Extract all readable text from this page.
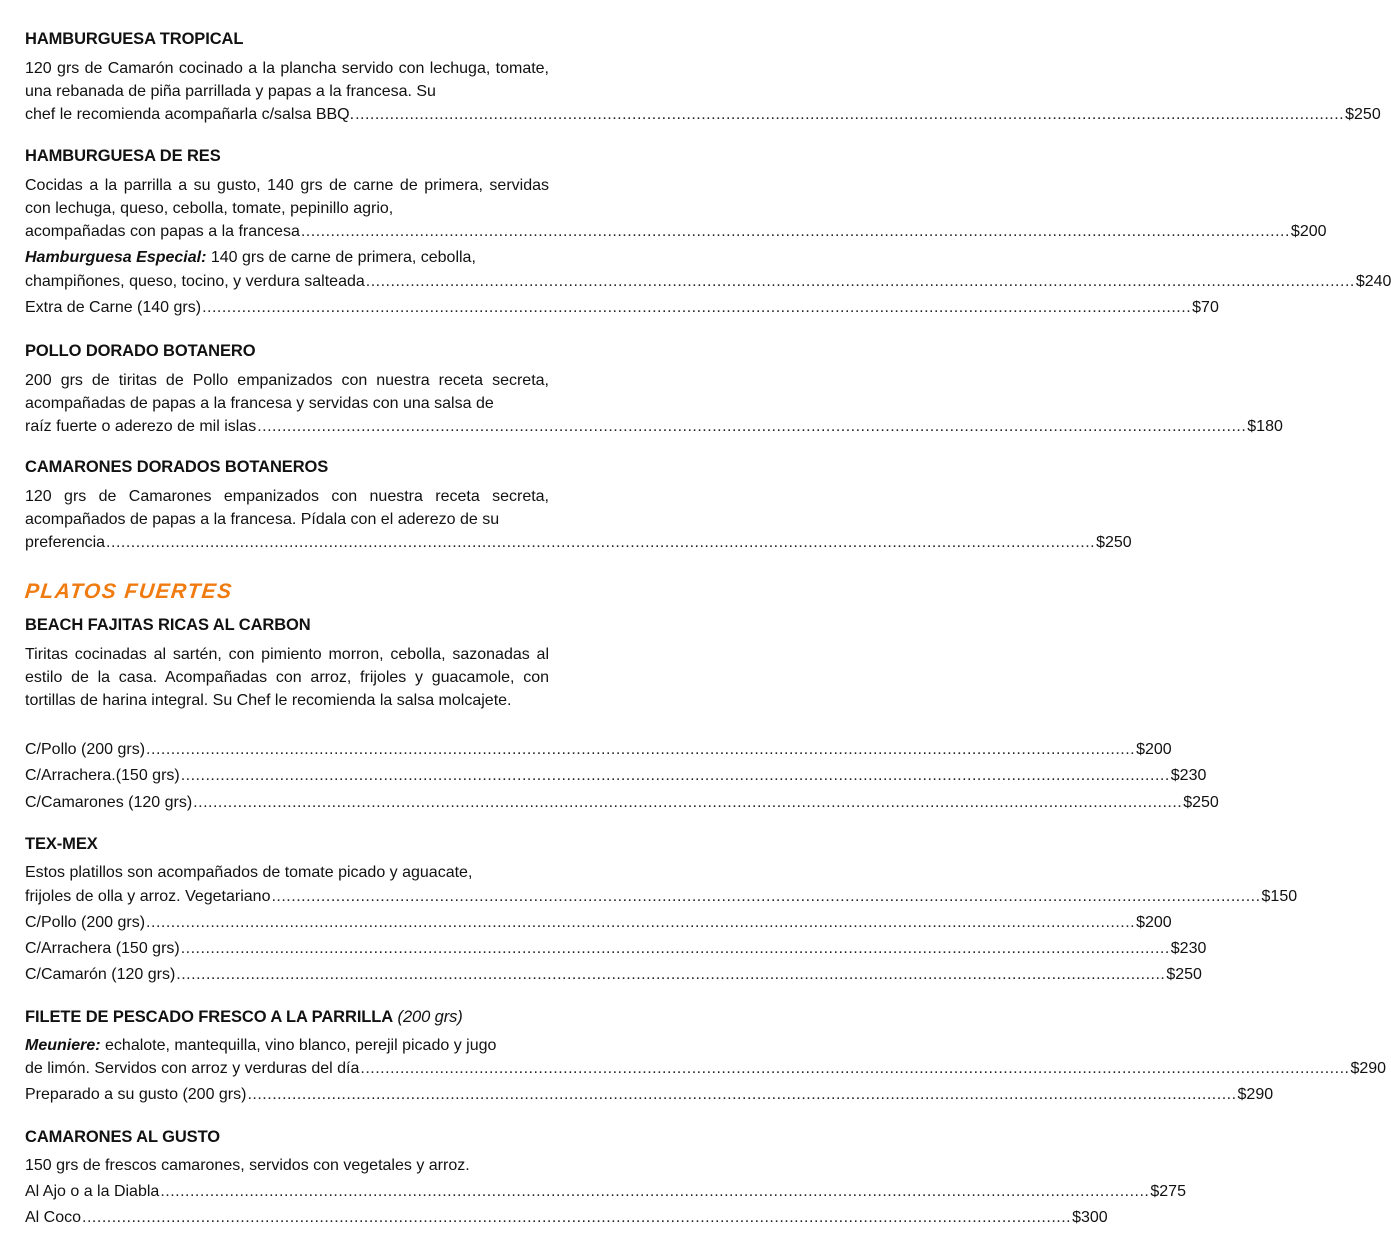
HAMBURGUESA TROPICAL

120 grs de Camarón cocinado a la plancha servido con lechuga, tomate, una rebanada de piña parrillada y papas a la francesa. Su

chef le recomienda acompañarla c/salsa BBQ. ........................................................................................................................................................................................................ $250
HAMBURGUESA DE RES

Cocidas a la parrilla a su gusto, 140 grs de carne de primera, servidas con lechuga, queso, cebolla, tomate, pepinillo agrio,

acompañadas con papas a la francesa ........................................................................................................................................................................................................ $200

Hamburguesa Especial: 140 grs de carne de primera, cebolla,

champiñones, queso, tocino, y verdura salteada ........................................................................................................................................................................................................ $240
Extra de Carne (140 grs) ........................................................................................................................................................................................................ $70
POLLO DORADO BOTANERO

200 grs de tiritas de Pollo empanizados con nuestra receta secreta, acompañadas de papas a la francesa y servidas con una salsa de

raíz fuerte o aderezo de mil islas ........................................................................................................................................................................................................ $180
CAMARONES DORADOS BOTANEROS

120 grs de Camarones empanizados con nuestra receta secreta, acompañados de papas a la francesa. Pídala con el aderezo de su

preferencia ........................................................................................................................................................................................................ $250
PLATOS FUERTES
BEACH FAJITAS RICAS AL CARBON

Tiritas cocinadas al sartén, con pimiento morron, cebolla, sazonadas al estilo de la casa. Acompañadas con arroz, frijoles y guacamole, con tortillas de harina integral. Su Chef le recomienda la salsa molcajete.

C/Pollo (200 grs) ........................................................................................................................................................................................................ $200
C/Arrachera.(150 grs) ........................................................................................................................................................................................................ $230
C/Camarones (120 grs) ........................................................................................................................................................................................................ $250
TEX-MEX

Estos platillos son acompañados de tomate picado y aguacate,

frijoles de olla y arroz. Vegetariano ........................................................................................................................................................................................................ $150
C/Pollo (200 grs) ........................................................................................................................................................................................................ $200
C/Arrachera (150 grs) ........................................................................................................................................................................................................ $230
C/Camarón (120 grs) ........................................................................................................................................................................................................ $250
FILETE DE PESCADO FRESCO A LA PARRILLA (200 grs)

Meuniere: echalote, mantequilla, vino blanco, perejil picado y jugo

de limón. Servidos con arroz y verduras del día ........................................................................................................................................................................................................ $290
Preparado a su gusto (200 grs) ........................................................................................................................................................................................................ $290
CAMARONES AL GUSTO

150 grs de frescos camarones, servidos con vegetales y arroz.

Al Ajo o a la Diabla ........................................................................................................................................................................................................ $275
Al Coco ........................................................................................................................................................................................................ $300
